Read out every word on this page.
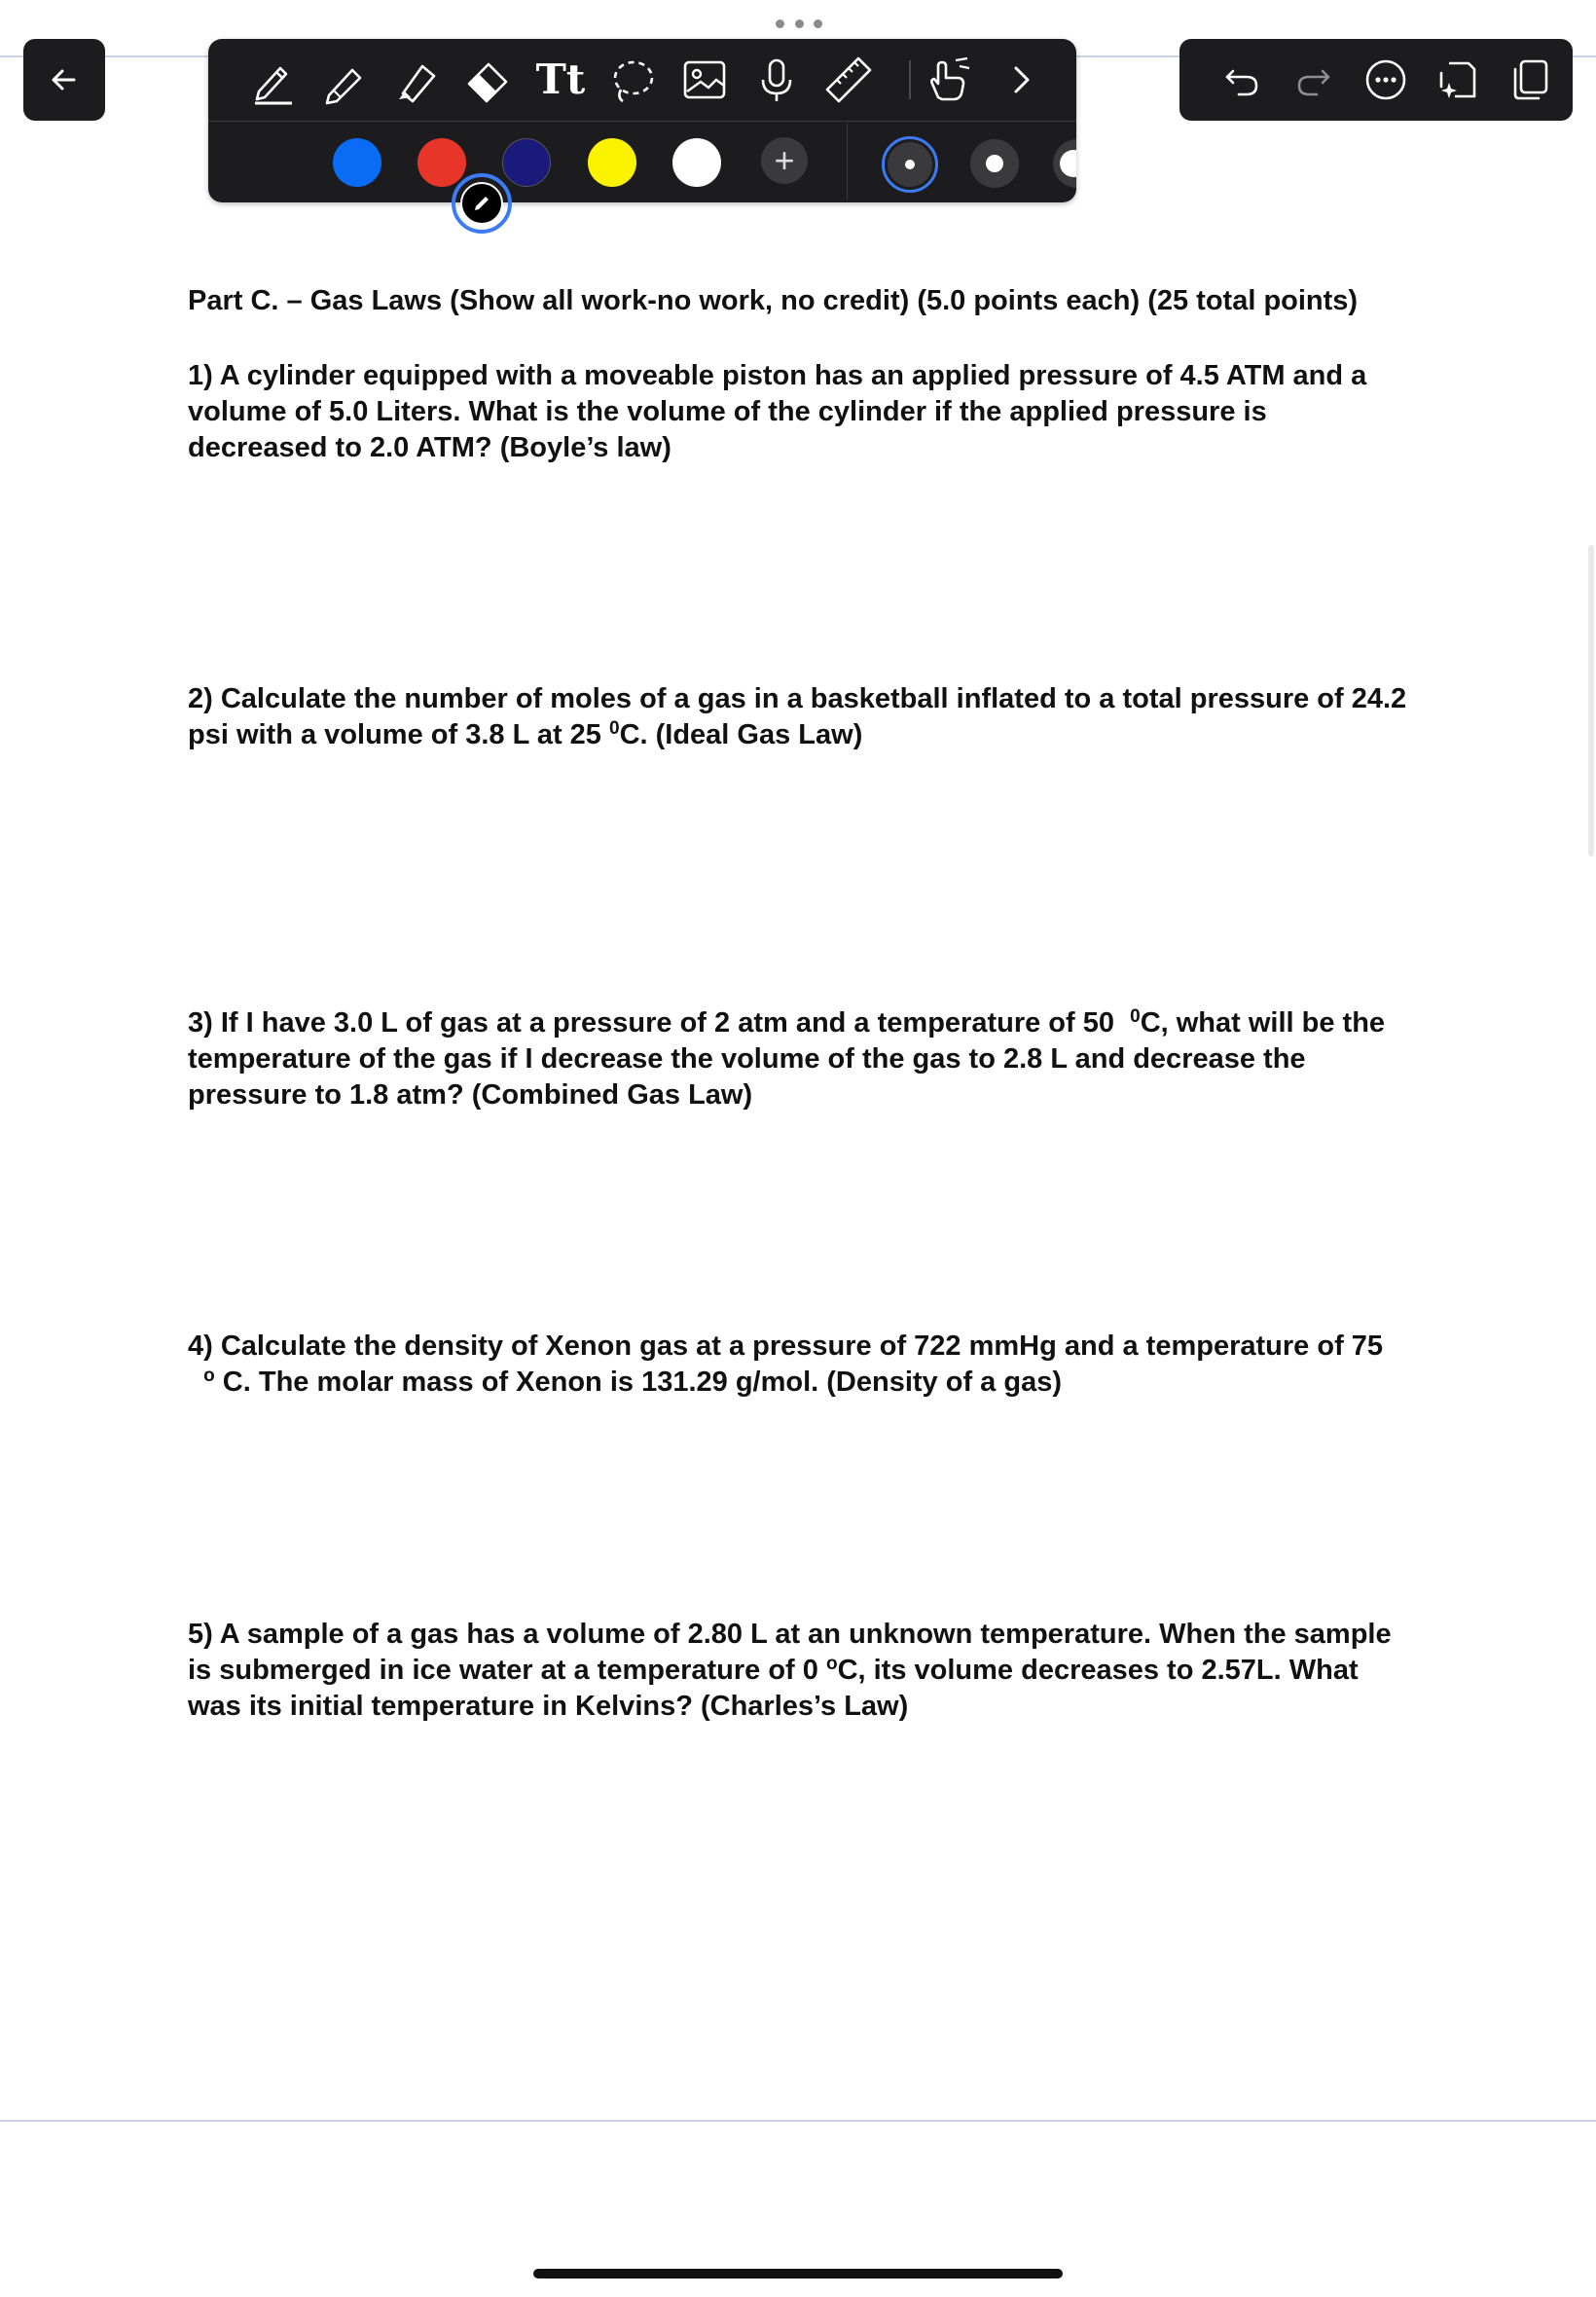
Tt
+
Part C. – Gas Laws (Show all work-no work, no credit) (5.0 points each) (25 total points)
1) A cylinder equipped with a moveable piston has an applied pressure of 4.5 ATM and a volume of 5.0 Liters. What is the volume of the cylinder if the applied pressure is decreased to 2.0 ATM? (Boyle’s law)
2) Calculate the number of moles of a gas in a basketball inflated to a total pressure of 24.2 psi with a volume of 3.8 L at 25 $^0$C. (Ideal Gas Law)
3) If I have 3.0 L of gas at a pressure of 2 atm and a temperature of 50 $^0$C, what will be the temperature of the gas if I decrease the volume of the gas to 2.8 L and decrease the pressure to 1.8 atm? (Combined Gas Law)
4) Calculate the density of Xenon gas at a pressure of 722 mmHg and a temperature of 75   $^o$ C. The molar mass of Xenon is 131.29 g/mol. (Density of a gas)
5) A sample of a gas has a volume of 2.80 L at an unknown temperature. When the sample is submerged in ice water at a temperature of 0 $^o$C, its volume decreases to 2.57L. What was its initial temperature in Kelvins? (Charles’s Law)
